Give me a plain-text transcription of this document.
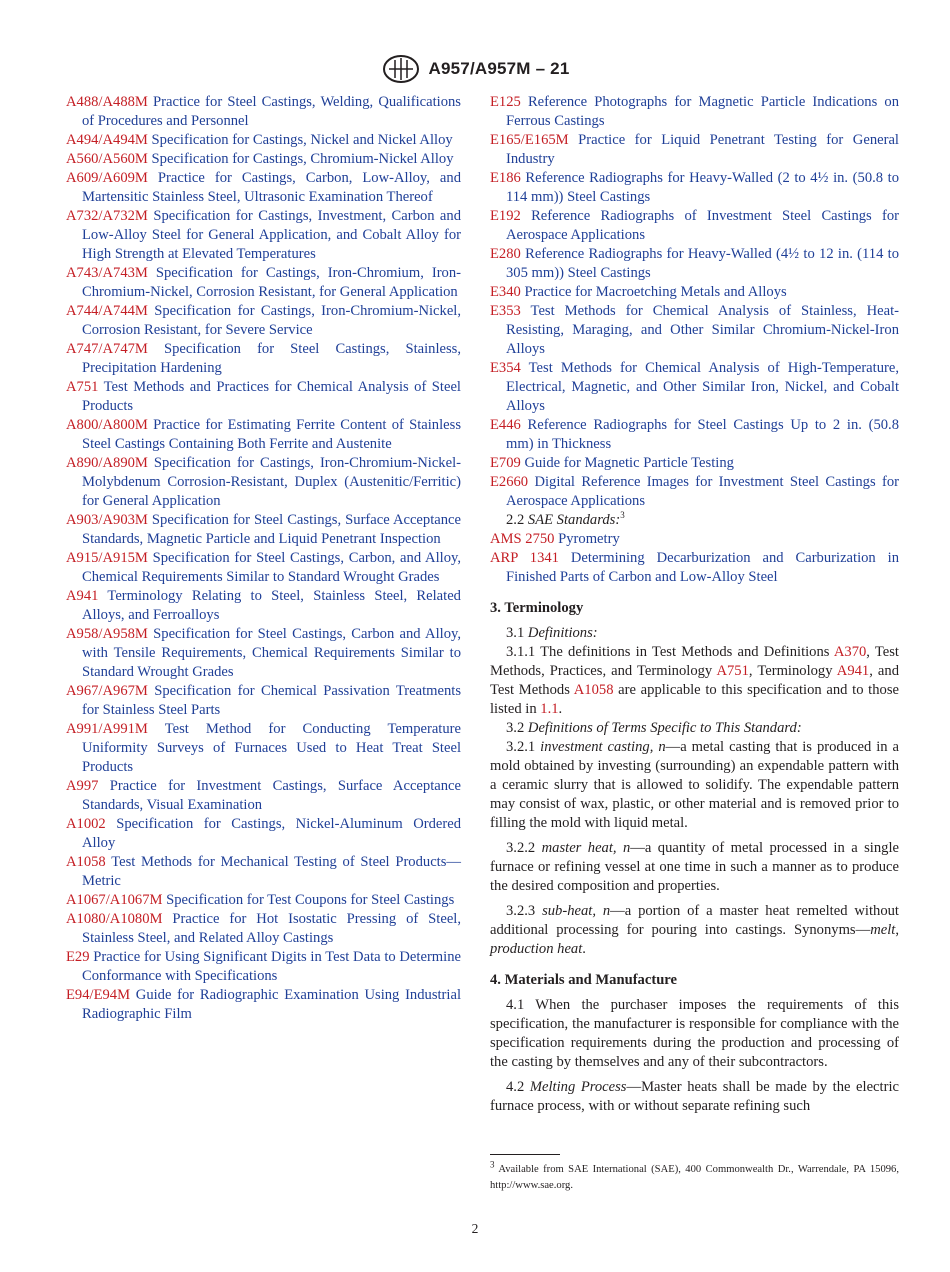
A957/A957M – 21
A488/A488M Practice for Steel Castings, Welding, Qualifications of Procedures and Personnel
A494/A494M Specification for Castings, Nickel and Nickel Alloy
A560/A560M Specification for Castings, Chromium-Nickel Alloy
A609/A609M Practice for Castings, Carbon, Low-Alloy, and Martensitic Stainless Steel, Ultrasonic Examination Thereof
A732/A732M Specification for Castings, Investment, Carbon and Low-Alloy Steel for General Application, and Cobalt Alloy for High Strength at Elevated Temperatures
A743/A743M Specification for Castings, Iron-Chromium, Iron-Chromium-Nickel, Corrosion Resistant, for General Application
A744/A744M Specification for Castings, Iron-Chromium-Nickel, Corrosion Resistant, for Severe Service
A747/A747M Specification for Steel Castings, Stainless, Precipitation Hardening
A751 Test Methods and Practices for Chemical Analysis of Steel Products
A800/A800M Practice for Estimating Ferrite Content of Stainless Steel Castings Containing Both Ferrite and Austenite
A890/A890M Specification for Castings, Iron-Chromium-Nickel-Molybdenum Corrosion-Resistant, Duplex (Austenitic/Ferritic) for General Application
A903/A903M Specification for Steel Castings, Surface Acceptance Standards, Magnetic Particle and Liquid Penetrant Inspection
A915/A915M Specification for Steel Castings, Carbon, and Alloy, Chemical Requirements Similar to Standard Wrought Grades
A941 Terminology Relating to Steel, Stainless Steel, Related Alloys, and Ferroalloys
A958/A958M Specification for Steel Castings, Carbon and Alloy, with Tensile Requirements, Chemical Requirements Similar to Standard Wrought Grades
A967/A967M Specification for Chemical Passivation Treatments for Stainless Steel Parts
A991/A991M Test Method for Conducting Temperature Uniformity Surveys of Furnaces Used to Heat Treat Steel Products
A997 Practice for Investment Castings, Surface Acceptance Standards, Visual Examination
A1002 Specification for Castings, Nickel-Aluminum Ordered Alloy
A1058 Test Methods for Mechanical Testing of Steel Products—Metric
A1067/A1067M Specification for Test Coupons for Steel Castings
A1080/A1080M Practice for Hot Isostatic Pressing of Steel, Stainless Steel, and Related Alloy Castings
E29 Practice for Using Significant Digits in Test Data to Determine Conformance with Specifications
E94/E94M Guide for Radiographic Examination Using Industrial Radiographic Film
E125 Reference Photographs for Magnetic Particle Indications on Ferrous Castings
E165/E165M Practice for Liquid Penetrant Testing for General Industry
E186 Reference Radiographs for Heavy-Walled (2 to 4½ in. (50.8 to 114 mm)) Steel Castings
E192 Reference Radiographs of Investment Steel Castings for Aerospace Applications
E280 Reference Radiographs for Heavy-Walled (4½ to 12 in. (114 to 305 mm)) Steel Castings
E340 Practice for Macroetching Metals and Alloys
E353 Test Methods for Chemical Analysis of Stainless, Heat-Resisting, Maraging, and Other Similar Chromium-Nickel-Iron Alloys
E354 Test Methods for Chemical Analysis of High-Temperature, Electrical, Magnetic, and Other Similar Iron, Nickel, and Cobalt Alloys
E446 Reference Radiographs for Steel Castings Up to 2 in. (50.8 mm) in Thickness
E709 Guide for Magnetic Particle Testing
E2660 Digital Reference Images for Investment Steel Castings for Aerospace Applications
2.2 SAE Standards:$^3$
AMS 2750 Pyrometry
ARP 1341 Determining Decarburization and Carburization in Finished Parts of Carbon and Low-Alloy Steel
3. Terminology
3.1 Definitions:
3.1.1 The definitions in Test Methods and Definitions A370, Test Methods, Practices, and Terminology A751, Terminology A941, and Test Methods A1058 are applicable to this specification and to those listed in 1.1.
3.2 Definitions of Terms Specific to This Standard:
3.2.1 investment casting, n—a metal casting that is produced in a mold obtained by investing (surrounding) an expendable pattern with a ceramic slurry that is allowed to solidify. The expendable pattern may consist of wax, plastic, or other material and is removed prior to filling the mold with liquid metal.
3.2.2 master heat, n—a quantity of metal processed in a single furnace or refining vessel at one time in such a manner as to produce the desired composition and properties.
3.2.3 sub-heat, n—a portion of a master heat remelted without additional processing for pouring into castings. Synonyms—melt, production heat.
4. Materials and Manufacture
4.1 When the purchaser imposes the requirements of this specification, the manufacturer is responsible for compliance with the specification requirements during the production and processing of the casting by themselves and any of their subcontractors.
4.2 Melting Process—Master heats shall be made by the electric furnace process, with or without separate refining such
$^3$ Available from SAE International (SAE), 400 Commonwealth Dr., Warrendale, PA 15096, http://www.sae.org.
2
